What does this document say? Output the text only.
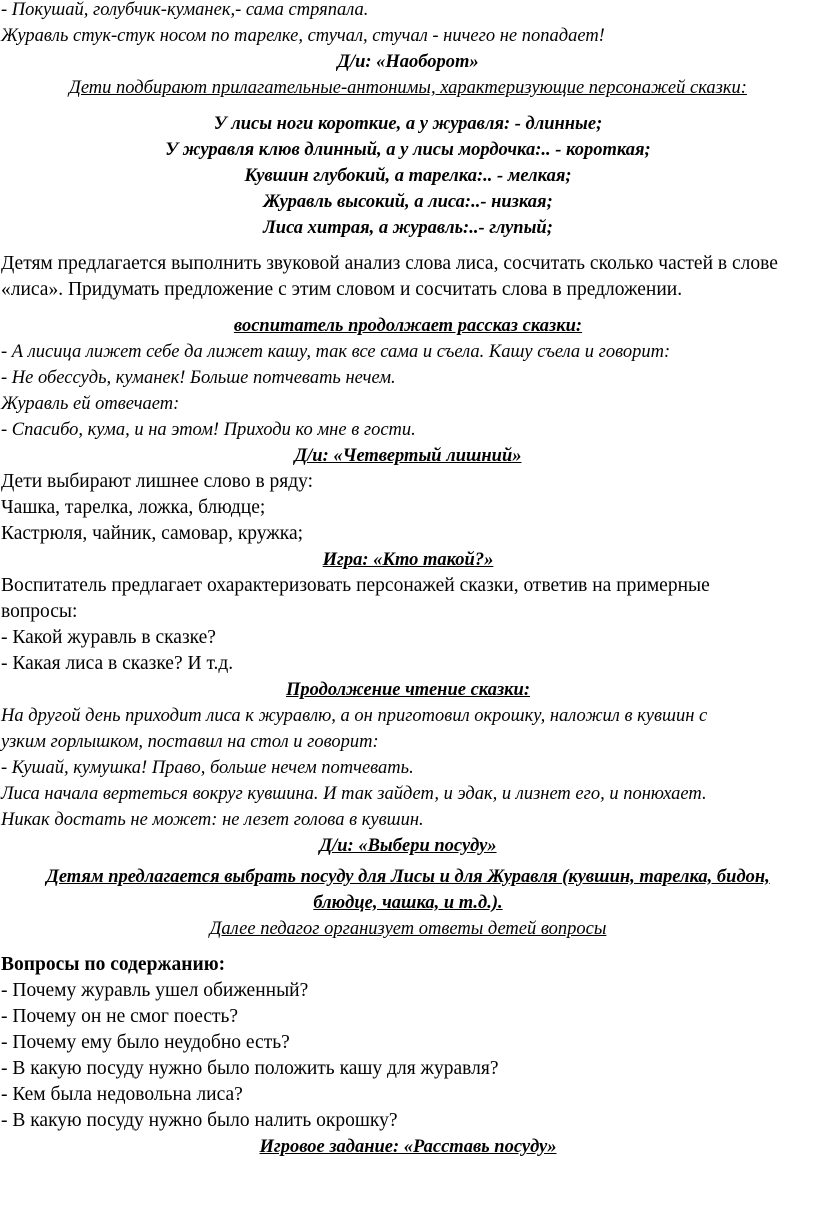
- Покушай, голубчик-куманек,- сама стряпала.
Журавль стук-стук носом по тарелке, стучал, стучал - ничего не попадает!
Д/и: «Наоборот»
Дети подбирают прилагательные-антонимы, характеризующие персонажей сказки:
У лисы ноги короткие, а у журавля: - длинные;
У журавля клюв длинный, а у лисы мордочка:.. - короткая;
Кувшин глубокий, а тарелка:.. - мелкая;
Журавль высокий, а лиса:..- низкая;
Лиса хитрая, а журавль:..- глупый;
Детям предлагается выполнить звуковой анализ слова лиса, сосчитать сколько частей в слове
«лиса». Придумать предложение с этим словом и сосчитать слова в предложении.
воспитатель продолжает рассказ сказки:
- А лисица лижет себе да лижет кашу, так все сама и съела. Кашу съела и говорит:
- Не обессудь, куманек! Больше потчевать нечем.
Журавль ей отвечает:
- Спасибо, кума, и на этом! Приходи ко мне в гости.
Д/и: «Четвертый лишний»
Дети выбирают лишнее слово в ряду:
Чашка, тарелка, ложка, блюдце;
Кастрюля, чайник, самовар, кружка;
Игра: «Кто такой?»
Воспитатель предлагает охарактеризовать персонажей сказки, ответив на примерные
вопросы:
- Какой журавль в сказке?
- Какая лиса в сказке? И т.д.
Продолжение чтение сказки:
На другой день приходит лиса к журавлю, а он приготовил окрошку, наложил в кувшин с
узким горлышком, поставил на стол и говорит:
- Кушай, кумушка! Право, больше нечем потчевать.
Лиса начала вертеться вокруг кувшина. И так зайдет, и эдак, и лизнет его, и понюхает.
Никак достать не может: не лезет голова в кувшин.
Д/и: «Выбери посуду»
Детям предлагается выбрать посуду для Лисы и для Журавля (кувшин, тарелка, бидон,
блюдце, чашка, и т.д.).
Далее педагог организует ответы детей вопросы
Вопросы по содержанию:
- Почему журавль ушел обиженный?
- Почему он не смог поесть?
- Почему ему было неудобно есть?
- В какую посуду нужно было положить кашу для журавля?
- Кем была недовольна лиса?
- В какую посуду нужно было налить окрошку?
Игровое задание: «Расставь посуду»
